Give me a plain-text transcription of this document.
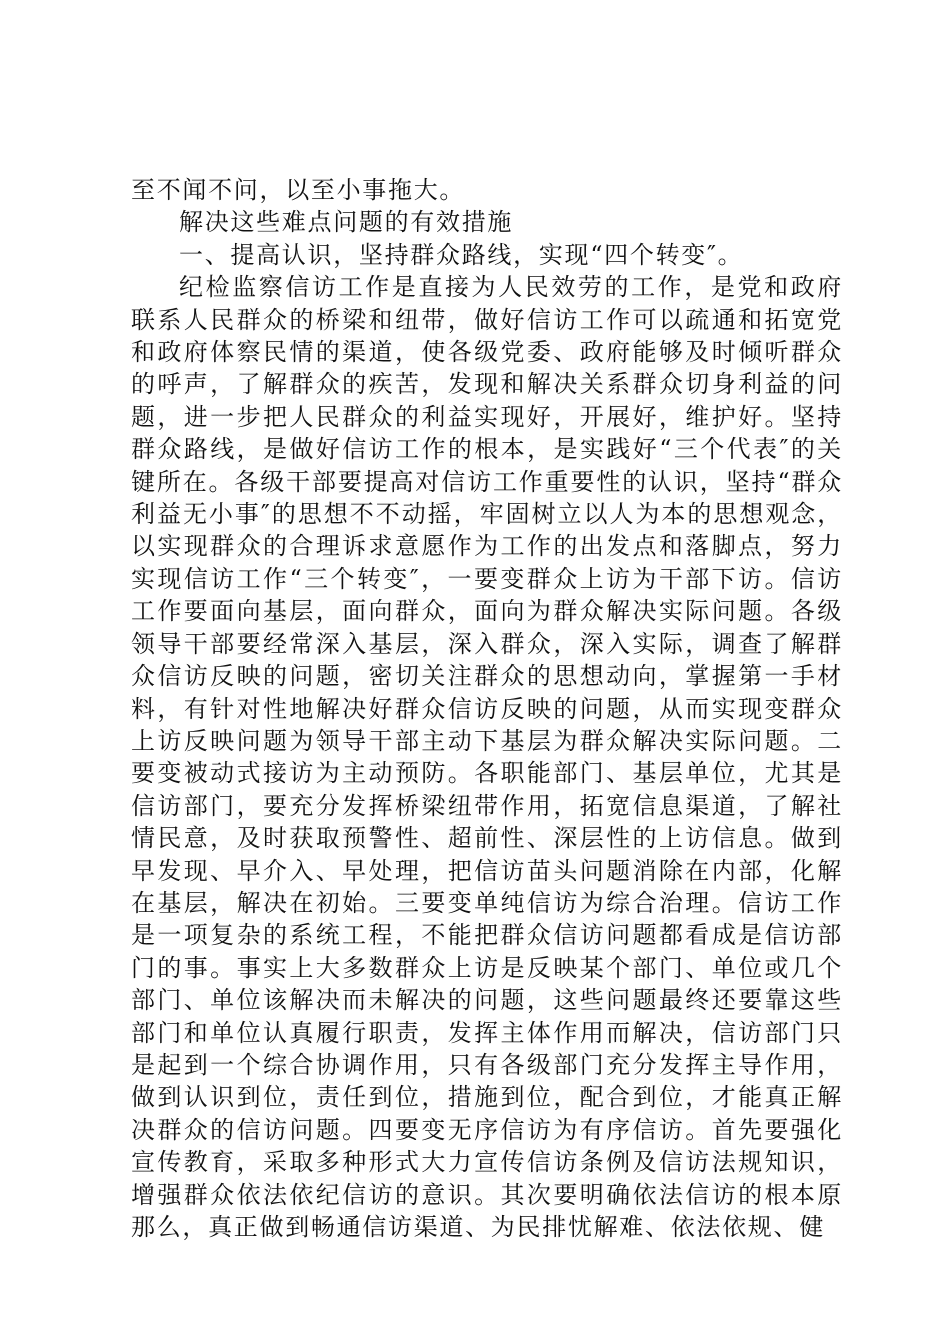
至不闻不问，以至小事拖大。

解决这些难点问题的有效措施

一、提高认识，坚持群众路线，实现“四个转变″。

纪检监察信访工作是直接为人民效劳的工作，是党和政府联系人民群众的桥梁和纽带，做好信访工作可以疏通和拓宽党和政府体察民情的渠道，使各级党委、政府能够及时倾听群众的呼声，了解群众的疾苦，发现和解决关系群众切身利益的问题，进一步把人民群众的利益实现好，开展好，维护好。坚持群众路线，是做好信访工作的根本，是实践好“三个代表″的关键所在。各级干部要提高对信访工作重要性的认识，坚持“群众利益无小事″的思想不不动摇，牢固树立以人为本的思想观念，以实现群众的合理诉求意愿作为工作的出发点和落脚点，努力实现信访工作“三个转变″，一要变群众上访为干部下访。信访工作要面向基层，面向群众，面向为群众解决实际问题。各级领导干部要经常深入基层，深入群众，深入实际，调查了解群众信访反映的问题，密切关注群众的思想动向，掌握第一手材料，有针对性地解决好群众信访反映的问题，从而实现变群众上访反映问题为领导干部主动下基层为群众解决实际问题。二要变被动式接访为主动预防。各职能部门、基层单位，尤其是信访部门，要充分发挥桥梁纽带作用，拓宽信息渠道，了解社情民意，及时获取预警性、超前性、深层性的上访信息。做到早发现、早介入、早处理，把信访苗头问题消除在内部，化解在基层，解决在初始。三要变单纯信访为综合治理。信访工作是一项复杂的系统工程，不能把群众信访问题都看成是信访部门的事。事实上大多数群众上访是反映某个部门、单位或几个部门、单位该解决而未解决的问题，这些问题最终还要靠这些部门和单位认真履行职责，发挥主体作用而解决，信访部门只是起到一个综合协调作用，只有各级部门充分发挥主导作用，做到认识到位，责任到位，措施到位，配合到位，才能真正解决群众的信访问题。四要变无序信访为有序信访。首先要强化宣传教育，采取多种形式大力宣传信访条例及信访法规知识，增强群众依法依纪信访的意识。其次要明确依法信访的根本原那么，真正做到畅通信访渠道、为民排忧解难、依法依规、健
